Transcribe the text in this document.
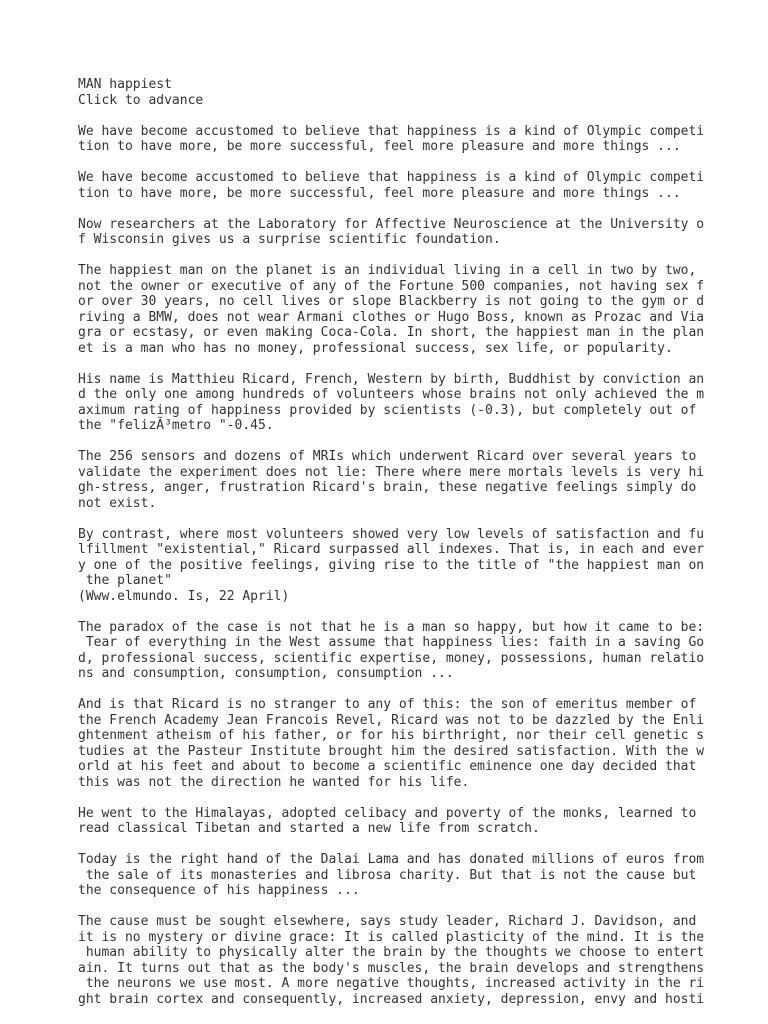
MAN happiest
Click to advance
We have become accustomed to believe that happiness is a kind of Olympic competi
tion to have more, be more successful, feel more pleasure and more things ...
We have become accustomed to believe that happiness is a kind of Olympic competi
tion to have more, be more successful, feel more pleasure and more things ...
Now researchers at the Laboratory for Affective Neuroscience at the University o
f Wisconsin gives us a surprise scientific foundation.
The happiest man on the planet is an individual living in a cell in two by two,
not the owner or executive of any of the Fortune 500 companies, not having sex f
or over 30 years, no cell lives or slope Blackberry is not going to the gym or d
riving a BMW, does not wear Armani clothes or Hugo Boss, known as Prozac and Via
gra or ecstasy, or even making Coca-Cola. In short, the happiest man in the plan
et is a man who has no money, professional success, sex life, or popularity.
His name is Matthieu Ricard, French, Western by birth, Buddhist by conviction an
d the only one among hundreds of volunteers whose brains not only achieved the m
aximum rating of happiness provided by scientists (-0.3), but completely out of
the "felizÃ³metro "-0.45.
The 256 sensors and dozens of MRIs which underwent Ricard over several years to
validate the experiment does not lie: There where mere mortals levels is very hi
gh-stress, anger, frustration Ricard's brain, these negative feelings simply do
not exist.
By contrast, where most volunteers showed very low levels of satisfaction and fu
lfillment "existential," Ricard surpassed all indexes. That is, in each and ever
y one of the positive feelings, giving rise to the title of "the happiest man on
the planet"
(Www.elmundo. Is, 22 April)
The paradox of the case is not that he is a man so happy, but how it came to be:
Tear of everything in the West assume that happiness lies: faith in a saving Go
d, professional success, scientific expertise, money, possessions, human relatio
ns and consumption, consumption, consumption ...
And is that Ricard is no stranger to any of this: the son of emeritus member of
the French Academy Jean Francois Revel, Ricard was not to be dazzled by the Enli
ghtenment atheism of his father, or for his birthright, nor their cell genetic s
tudies at the Pasteur Institute brought him the desired satisfaction. With the w
orld at his feet and about to become a scientific eminence one day decided that
this was not the direction he wanted for his life.
He went to the Himalayas, adopted celibacy and poverty of the monks, learned to
read classical Tibetan and started a new life from scratch.
Today is the right hand of the Dalai Lama and has donated millions of euros from
the sale of its monasteries and librosa charity. But that is not the cause but
the consequence of his happiness ...
The cause must be sought elsewhere, says study leader, Richard J. Davidson, and
it is no mystery or divine grace: It is called plasticity of the mind. It is the
human ability to physically alter the brain by the thoughts we choose to entert
ain. It turns out that as the body's muscles, the brain develops and strengthens
the neurons we use most. A more negative thoughts, increased activity in the ri
ght brain cortex and consequently, increased anxiety, depression, envy and hosti
